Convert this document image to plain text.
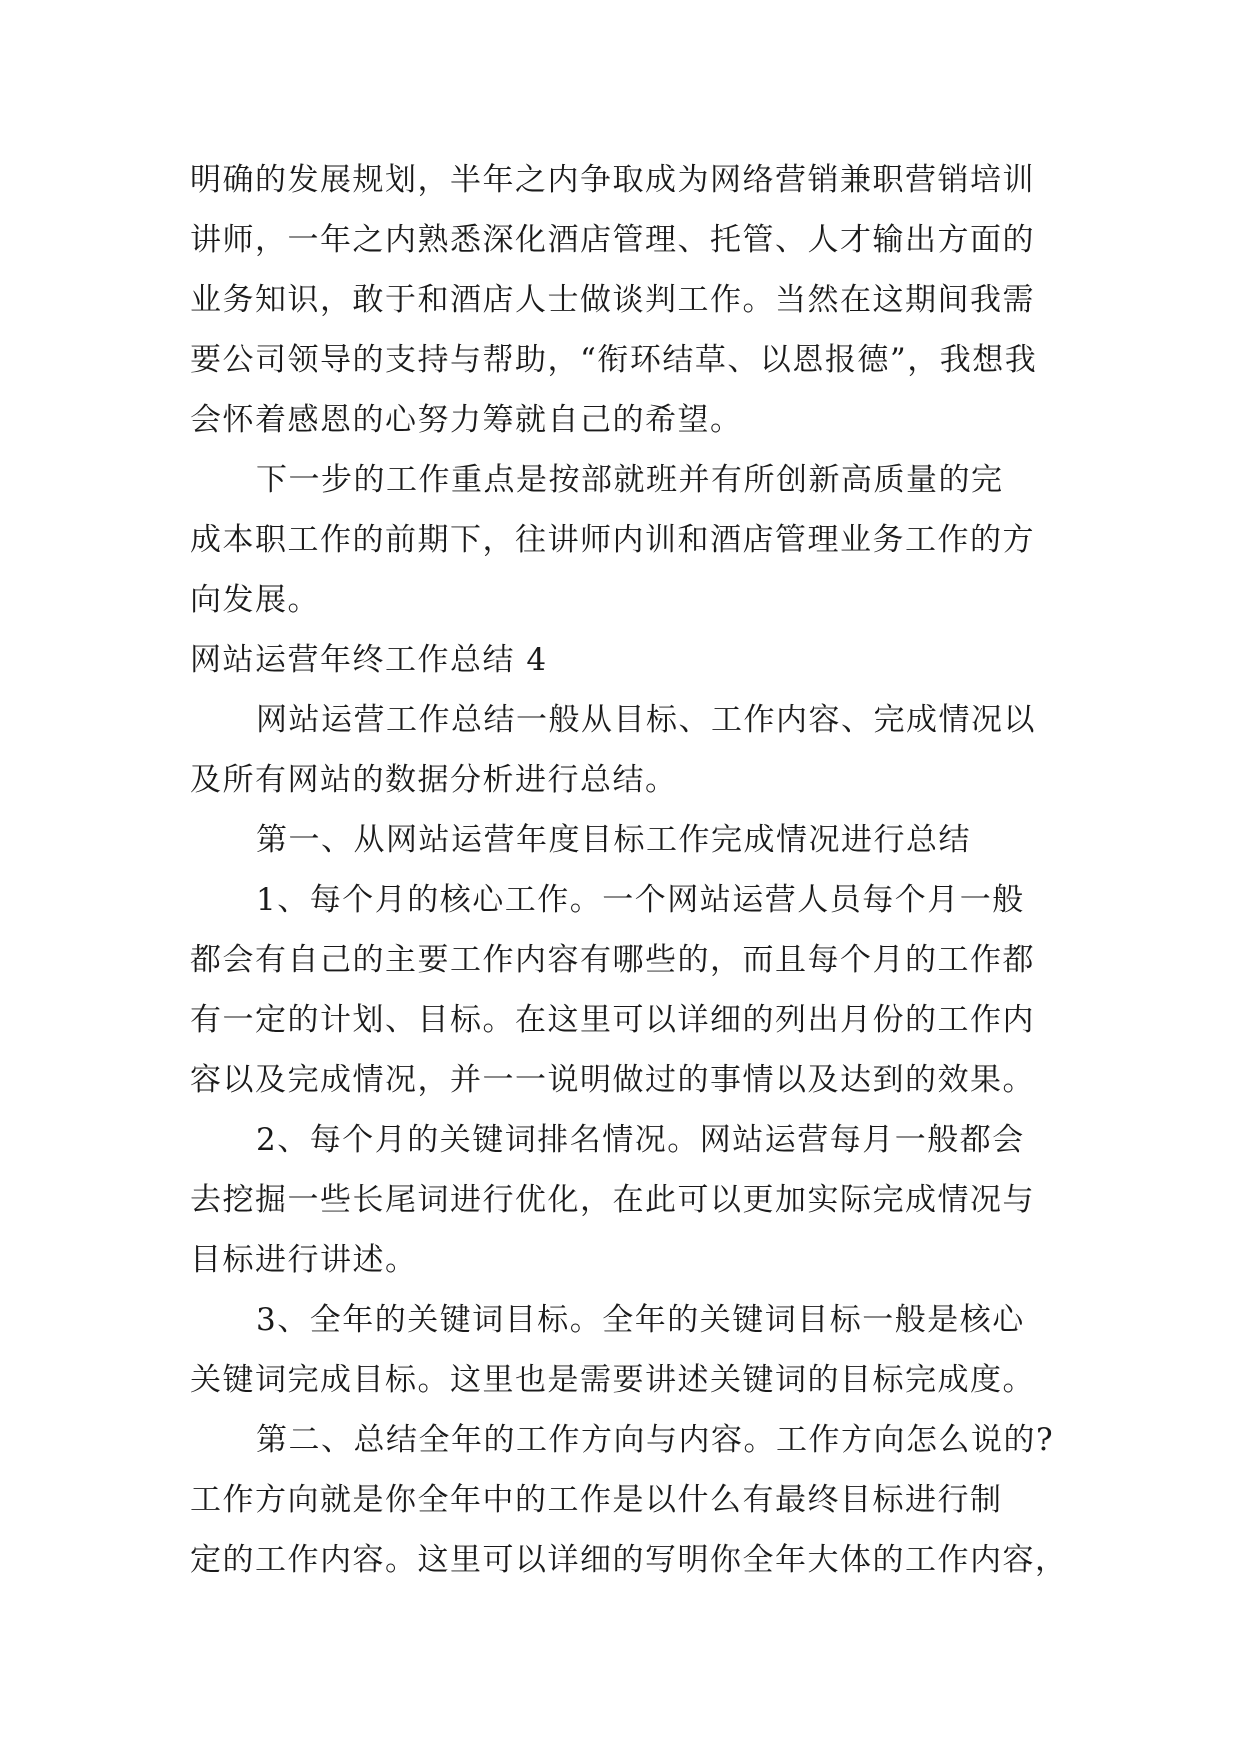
明确的发展规划，半年之内争取成为网络营销兼职营销培训
讲师，一年之内熟悉深化酒店管理、托管、人才输出方面的
业务知识，敢于和酒店人士做谈判工作。当然在这期间我需
要公司领导的支持与帮助，“衔环结草、以恩报德”，我想我
会怀着感恩的心努力筹就自己的希望。
下一步的工作重点是按部就班并有所创新高质量的完
成本职工作的前期下，往讲师内训和酒店管理业务工作的方
向发展。
网站运营年终工作总结 4
网站运营工作总结一般从目标、工作内容、完成情况以
及所有网站的数据分析进行总结。
第一、从网站运营年度目标工作完成情况进行总结
1、每个月的核心工作。一个网站运营人员每个月一般
都会有自己的主要工作内容有哪些的，而且每个月的工作都
有一定的计划、目标。在这里可以详细的列出月份的工作内
容以及完成情况，并一一说明做过的事情以及达到的效果。
2、每个月的关键词排名情况。网站运营每月一般都会
去挖掘一些长尾词进行优化，在此可以更加实际完成情况与
目标进行讲述。
3、全年的关键词目标。全年的关键词目标一般是核心
关键词完成目标。这里也是需要讲述关键词的目标完成度。
第二、总结全年的工作方向与内容。工作方向怎么说的?
工作方向就是你全年中的工作是以什么有最终目标进行制
定的工作内容。这里可以详细的写明你全年大体的工作内容，
